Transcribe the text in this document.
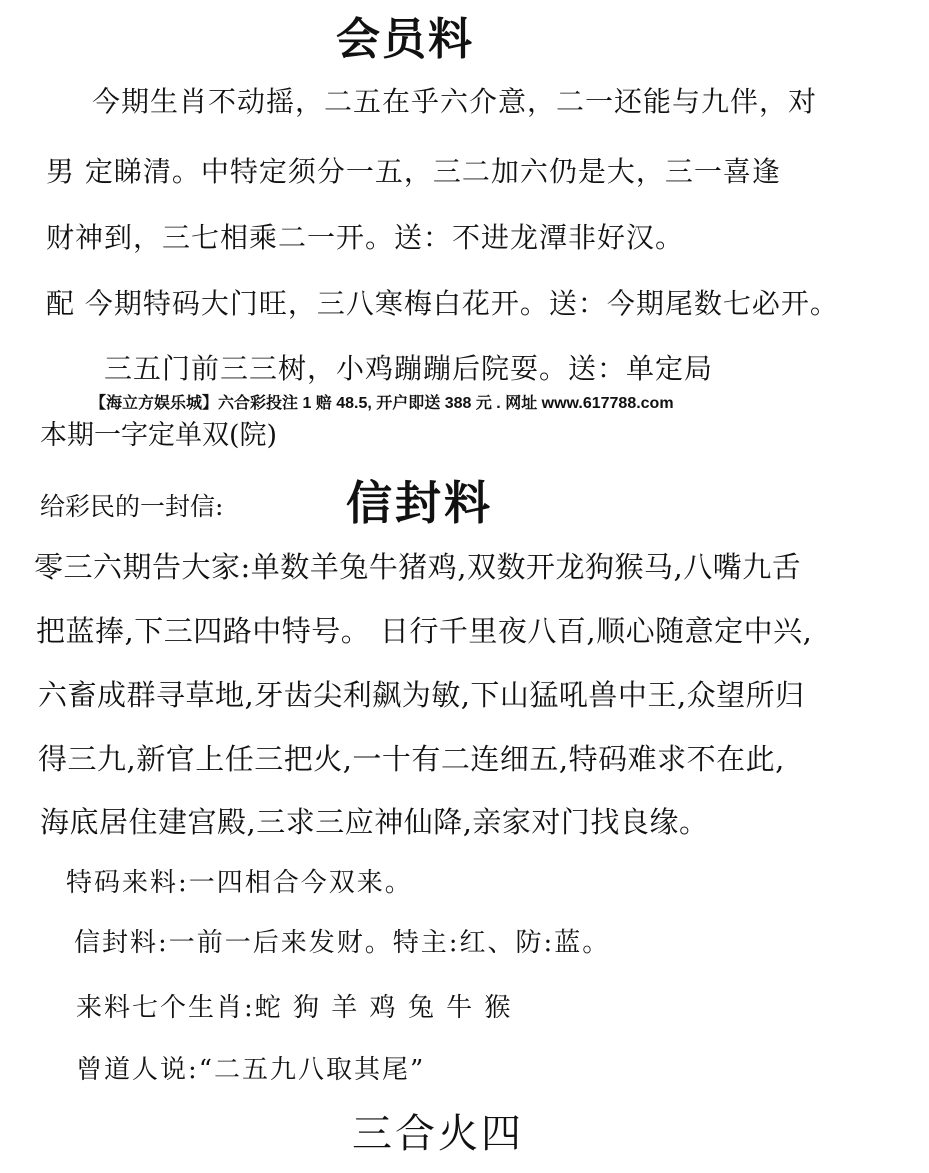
会员料
今期生肖不动摇，二五在乎六介意，二一还能与九伴，对
男 定睇清。中特定须分一五，三二加六仍是大，三一喜逢
财神到，三七相乘二一开。送：不进龙潭非好汉。
配 今期特码大门旺，三八寒梅白花开。送：今期尾数七必开。
三五门前三三树，小鸡蹦蹦后院耍。送：单定局
【海立方娱乐城】六合彩投注 1 赔 48.5, 开户即送 388 元 . 网址 www.617788.com
本期一字定单双(院)
给彩民的一封信:	信封料
零三六期告大家:单数羊兔牛猪鸡,双数开龙狗猴马,八嘴九舌
把蓝捧,下三四路中特号。 日行千里夜八百,顺心随意定中兴,
六畜成群寻草地,牙齿尖利飙为敏,下山猛吼兽中王,众望所归
得三九,新官上任三把火,一十有二连细五,特码难求不在此,
海底居住建宫殿,三求三应神仙降,亲家对门找良缘。
特码来料:一四相合今双来。
信封料:一前一后来发财。特主:红、防:蓝。
来料七个生肖:蛇 狗 羊 鸡 兔 牛 猴
曾道人说:“二五九八取其尾”
三合火四
